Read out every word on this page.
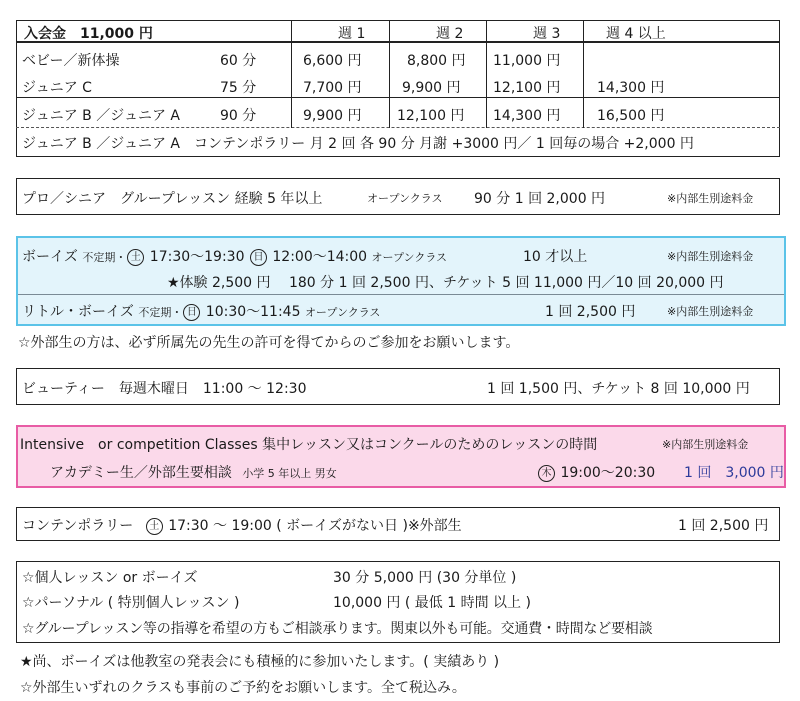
入会金　11,000 円	週 1	週 2	週 3	週 4 以上
ベビー／新体操	60 分	6,600 円	8,800 円 11,000 円
ジュニア C	75 分	7,700 円	9,900 円 12,100 円	14,300 円
ジュニア B ／ジュニア A	90 分	9,900 円	12,100 円 14,300 円	16,500 円
ジュニア B ／ジュニア A　コンテンポラリー 月 2 回 各 90 分 月謝 +3000 円／ 1 回毎の場合 +2,000 円
プロ／シニア　グループレッスン 経験 5 年以上	オープンクラス 90 分 1 回 2,000 円	※内部生別途料金
ボーイズ 不定期・ 土 17:30〜19:30 日 12:00〜14:00 オープンクラス	10 才以上	※内部生別途料金
★体験 2,500 円　 180 分 1 回 2,500 円、チケット 5 回 11,000 円／10 回 20,000 円
リトル・ボーイズ 不定期・ 日 10:30〜11:45 オープンクラス	1 回 2,500 円	※内部生別途料金
☆外部生の方は、必ず所属先の先生の許可を得てからのご参加をお願いします。
ビューティー　毎週木曜日　11:00 〜 12:30	1 回 1,500 円、チケット 8 回 10,000 円
Intensive　or competition Classes 集中レッスン又はコンクールのためのレッスンの時間	※内部生別途料金
アカデミー生／外部生要相談 小学 5 年以上 男女	木 19:00〜20:30 1 回　3,000 円
コンテンポラリー 土 17:30 〜 19:00 ( ボーイズがない日 )※外部生	1 回 2,500 円
☆個人レッスン or ボーイズ	30 分 5,000 円 (30 分単位 )
☆パーソナル ( 特別個人レッスン )	10,000 円 ( 最低 1 時間 以上 )
☆グループレッスン等の指導を希望の方もご相談承ります。関東以外も可能。交通費・時間など要相談
★尚、ボーイズは他教室の発表会にも積極的に参加いたします。( 実績あり )
☆外部生いずれのクラスも事前のご予約をお願いします。全て税込み。
